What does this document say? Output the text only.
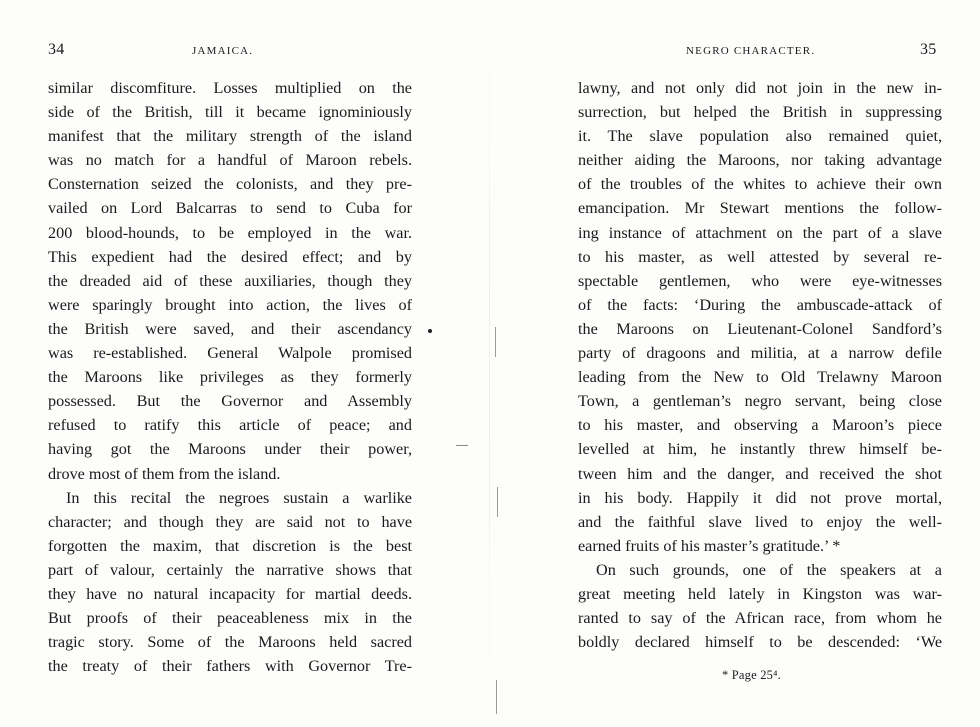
34	JAMAICA.
similar discomfiture. Losses multiplied on the
side of the British, till it became ignominiously
manifest that the military strength of the island
was no match for a handful of Maroon rebels.
Consternation seized the colonists, and they pre-
vailed on Lord Balcarras to send to Cuba for
200 blood-hounds, to be employed in the war.
This expedient had the desired effect; and by
the dreaded aid of these auxiliaries, though they
were sparingly brought into action, the lives of
the British were saved, and their ascendancy
was re-established. General Walpole promised
the Maroons like privileges as they formerly
possessed. But the Governor and Assembly
refused to ratify this article of peace; and
having got the Maroons under their power,
drove most of them from the island.
In this recital the negroes sustain a warlike
character; and though they are said not to have
forgotten the maxim, that discretion is the best
part of valour, certainly the narrative shows that
they have no natural incapacity for martial deeds.
But proofs of their peaceableness mix in the
tragic story. Some of the Maroons held sacred
the treaty of their fathers with Governor Tre-
NEGRO CHARACTER.	35
lawny, and not only did not join in the new in-
surrection, but helped the British in suppressing
it. The slave population also remained quiet,
neither aiding the Maroons, nor taking advantage
of the troubles of the whites to achieve their own
emancipation. Mr Stewart mentions the follow-
ing instance of attachment on the part of a slave
to his master, as well attested by several re-
spectable gentlemen, who were eye-witnesses
of the facts: ‘During the ambuscade-attack of
the Maroons on Lieutenant-Colonel Sandford’s
party of dragoons and militia, at a narrow defile
leading from the New to Old Trelawny Maroon
Town, a gentleman’s negro servant, being close
to his master, and observing a Maroon’s piece
levelled at him, he instantly threw himself be-
tween him and the danger, and received the shot
in his body. Happily it did not prove mortal,
and the faithful slave lived to enjoy the well-
earned fruits of his master’s gratitude.’ *
On such grounds, one of the speakers at a
great meeting held lately in Kingston was war-
ranted to say of the African race, from whom he
boldly declared himself to be descended: ‘We
* Page 25⁴.
